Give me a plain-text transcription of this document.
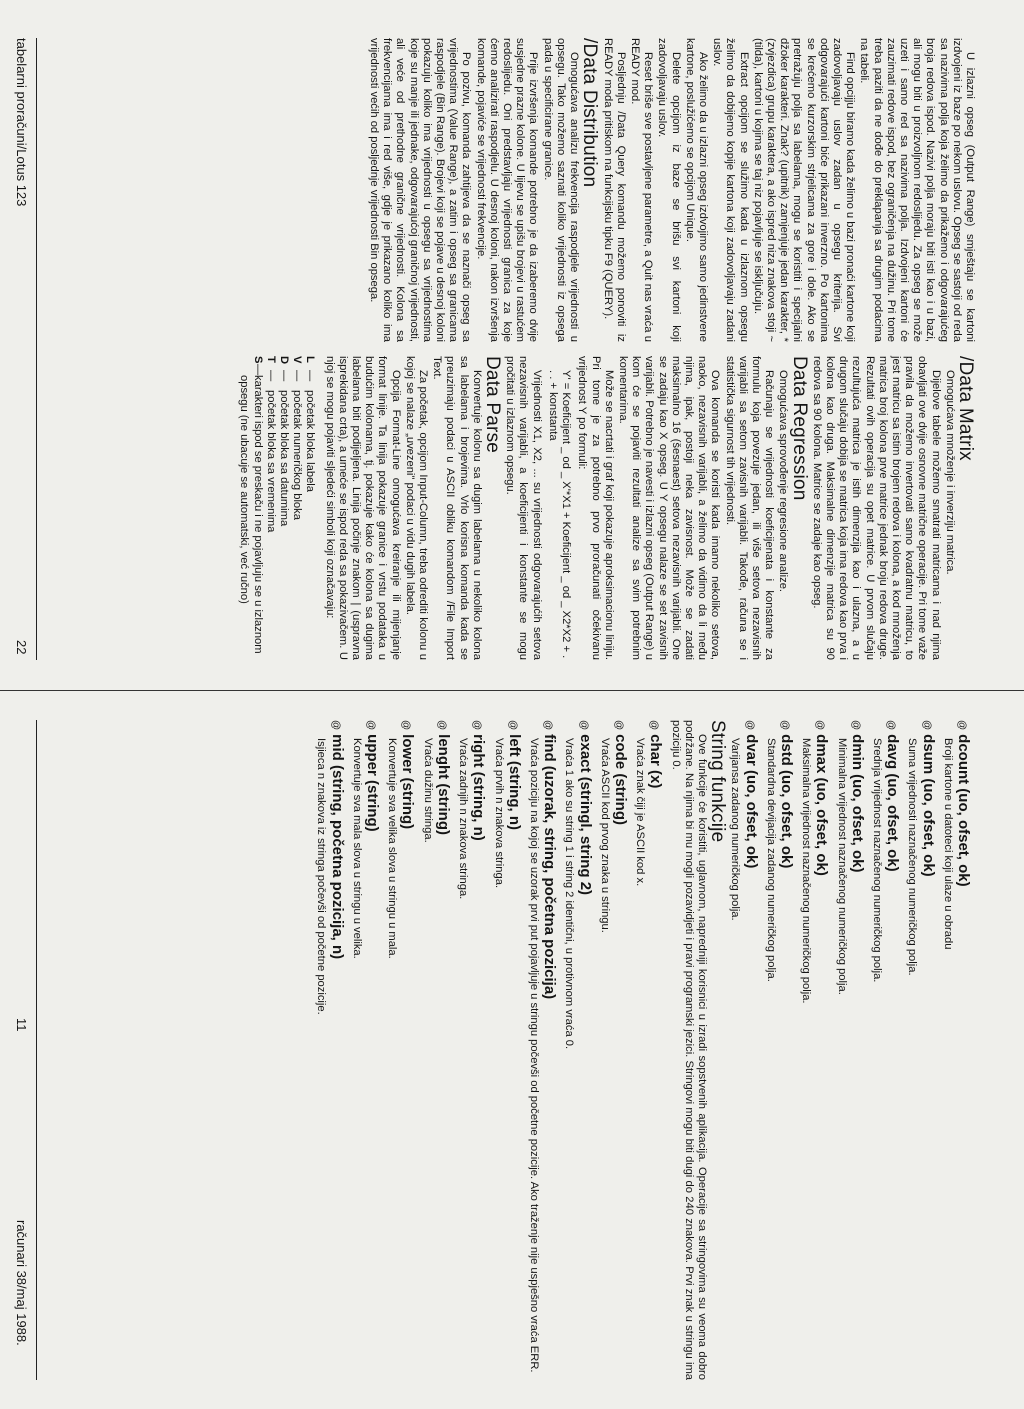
U izlazni opseg (Output Range) smještaju se kartoni izdvojeni iz baze po nekom uslovu. Opseg se sastoji od reda sa nazivima polja koja želimo da prikažemo i odgovarajućeg broja redova ispod. Nazivi polja moraju biti isti kao i u bazi, ali mogu biti u proizvoljnom redoslijedu. Za opseg se može uzeti i samo red sa nazivima polja. Izdvojeni kartoni će zauzimati redove ispod, bez ograničenja na dužinu. Pri tome treba paziti da ne dođe do preklapanja sa drugim podacima na tabeli.

Find opcijju biramo kada želimo u bazi pronaći kartone koji zadovoljavaju uslov zadan u opsegu kriterija. Svi odgovarajući kartoni biće prikazani inverzno. Po kartonima se krećemo kurzorskim strjelicama za gore i dole. Ako se pretražuju polja sa labelama, mogu se koristiti i specijalni džoker karakteri. Znak? (upitnik) zamjenjuje jedan karakter, * (zvjezdica) grupu karaktera, a ako ispred niza znakova stoji ~ (tilda), kartoni u kojima se taj niz pojavljuje se isključuju.

Extract opcijom se služimo kada u izlaznom opsegu želimo da dobijemo kopije kartona koji zadovoljavaju zadani uslov.

Ako želimo da u izlazni opseg izdvojimo samo jedinstvene kartone, poslužićemo se opcijom Unique.

Delete opcijom iz baze se brišu svi kartoni koji zadovoljavaju uslov.

Reset briše sve postavljene parametre, a Quit nas vraća u READY mod.

Posljednju /Data Query komandu možemo ponoviti iz READY moda pritiskom na funkcijsku tipku F9 (QUERY).

/Data Distribution

Omogućava analizu frekvencija raspodjele vrijednosti u opsegu. Tako možemo saznati koliko vrijednosti iz opsega pada u specificirane granice.

Prije izvršenja komande potrebno je da izaberemo dvije susjedne prazne kolone. U lijevu se upišu brojevi u rastućem redoslijedu. Oni predstavljaju vrijednosti granica za koje ćemo analizirati raspodjelu. U desnoj koloni, nakon izvršenja komande, pojaviće se vrijednosti frekvencije.

Po pozivu, komanda zahtijeva da se naznači opseg sa vrijednostima (Value Range), a zatim i opseg sa granicama raspodjele (Bin Range). Brojevi koji se pojave u desnoj koloni pokazuju koliko ima vrijednosti u opsegu sa vrijednostima koje su manje ili jednake, odgovarajućoj graničnoj vrijednosti, ali veće od prethodne granične vrijednosti. Kolona sa frekvencijama ima i red više, gdje je prikazano koliko ima vrijednosti većih od posljednje vrijednosti Bin opsega.

/Data Matrix

Omogućava množenje i inverziju matrica.

Dijelove tabele možemo smatrati matricama i nad njima obavljati ove dvije osnovne matrične operacije. Pri tome važe pravila da možemo invertovati samo kvadratnu matricu, to jest matricu sa istim brojem redova i kolona, a kod množenja matrica broj kolona prve matrice jednak broju redova druge. Rezultati ovih operacija su opet matrice. U prvom slučaju rezultujuća matrica je istih dimenzija kao i ulazna, a u drugom slučaju dobija se matrica koja ima redova kao prva i kolona kao druga. Maksimalne dimenzije matrica su 90 redova sa 90 kolona. Matrice se zadaje kao opseg.

Data Regression

Omogućava sprovođenje regresione analize.

Računaju se vrijednosti koeficijenata i konstante za formulu koja povezuje jedan, ili više setova nezavisnih varijabli sa setom zavisnih varijabli. Takođe, računa se i statistička sigurnost tih vrijednosti.

Ova komanda se koristi kada imamo nekoliko setova, naoko, nezavisnih varijabli, a želimo da vidimo da li među njima, ipak, postoji neka zavisnost. Može se zadati maksimalno 16 (šesnaest) setova nezavisnih varijabli. One se zadaju kao X opseg. U Y opsegu nalaze se set zavisnih varijabli. Potrebno je navesti i izlazni opseg (Output Range) u kom će se pojaviti rezultati analize sa svim potrebnim komentarima.

Može se nacrtati i graf koji pokazuje aproksimacionu liniju. Pri tome je za potrebno prvo proračunati očekivanu vrijednost Y po formuli:

Y' = Koeficijent _ od _ X'*X1 + Koeficijent _ od _ X2*X2 + . . . + konstanta

Vrijednosti X1, X2, ... su vrijednosti odgovarajućih setova nezavisnih varijabli, a koeficijenti i konstante se mogu pročitati u izlaznom opsegu.

Data Parse

Konvertuje kolonu sa dugim labelama u nekoliko kolona sa labelama i brojevima. Vrlo korisna komanda kada se preuzimaju podaci u ASCII obliku komandom /File Import Text.

Za početak, opcijom Input-Column, treba odrediti kolonu u kojoj se nalaze „uvezeni" podaci u vidu dugih labela.

Opcija Format-Line omogućava kreiranje ili mijenjanje format linije. Ta linija pokazuje granice i vrstu podataka u budućim kolonama, tj. pokazuje kako će kolona sa dugima labelama biti podijeljena. Linija počinje znakom | (uspravna isprekidana crta), a umeće se ispod reda sa pokazivačem. U njoj se mogu pojaviti sljedeći simboli koji označavaju:

L
—
početak bloka labela
V
—
početak numeričkog bloka
D
—
početak bloka sa datumima
T
—
početak bloka sa vremenima
S
—
karakteri ispod se preskaču i ne pojavljuju se u izlaznom opsegu (ne ubacuje se automatski, već ručno)
tabelarni proračuni/Lotus 123
22
@dcount (uo, ofset, ok)
Broji kartone u datoteci koji ulaze u obradu
@dsum (uo, ofset, ok)
Suma vrijednosti naznačenog numeričkog polja.
@davg (uo, ofset, ok)
Srednja vrijednost naznačenog numeričkog polja.
@dmin (uo, ofset, ok)
Minimalna vrijednost naznačenog numeričkog polja.
@dmax (uo, ofset, ok)
Maksimalna vrijednost naznačenog numeričkog polja.
@dstd (uo, ofset, ok)
Standardna devijacija zadanog numeričkog polja.
@dvar (uo, ofset, ok)
Varijansa zadanog numeričkog polja.
String funkcije

Ove funkcije će koristiti, uglavnom, napredniji korisnici u izradi sopstvenih aplikacija. Operacije sa stringovima su veoma dobro podržane. Na njima bi mu mogli pozavidjeti i pravi programski jezici. Stringovi mogu biti dugi do 240 znakova. Prvi znak u stringu ima poziciju 0.

@char (x)
Vraća znak čiji je ASCII kod x.
@code (string)
Vraća ASCII kod prvog znaka u stringu.
@exact (stringl, string 2)
Vraća 1 ako su string 1 i string 2 identični, u protivnom vraća 0.
@find (uzorak, string, početna pozicija)
Vraća poziciju na kojoj se uzorak prvi put pojavljuje u stringu počevši od početne pozicije. Ako traženje nije uspješno vraća ERR.
@left (string, n)
Vraća prvih n znakova stringa.
@right (string, n)
Vraća zadnjih n znakova stringa.
@lenght (string)
Vraća dužinu stringa.
@lower (string)
Konvertuje sva velika slova u stringu u mala.
@upper (string)
Konvertuje sva mala slova u stringu u velika.
@mid (string, početna pozicija, n)
Isjieca n znakova iz stringa počevši od početne pozicije.
11
računari 38/maj 1988.
